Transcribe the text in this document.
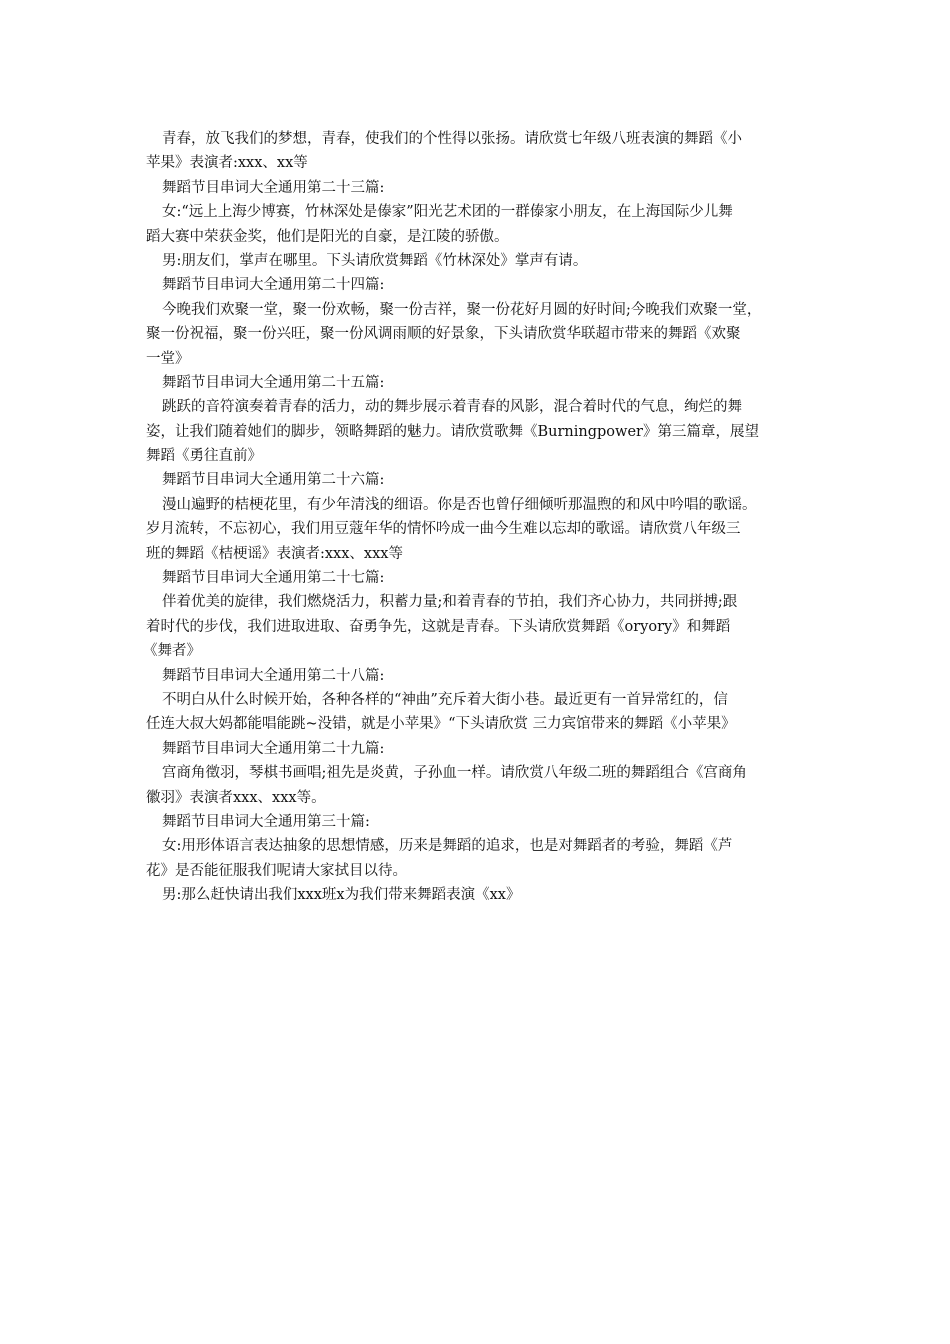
青春，放飞我们的梦想，青春，使我们的个性得以张扬。请欣赏七年级八班表演的舞蹈《小
苹果》表演者:xxx、xx等
舞蹈节目串词大全通用第二十三篇:
女:“远上上海少博赛，竹林深处是傣家”阳光艺术团的一群傣家小朋友，在上海国际少儿舞
蹈大赛中荣获金奖，他们是阳光的自豪，是江陵的骄傲。
男:朋友们，掌声在哪里。下头请欣赏舞蹈《竹林深处》掌声有请。
舞蹈节目串词大全通用第二十四篇:
今晚我们欢聚一堂，聚一份欢畅，聚一份吉祥，聚一份花好月圆的好时间;今晚我们欢聚一堂，
聚一份祝福，聚一份兴旺，聚一份风调雨顺的好景象，下头请欣赏华联超市带来的舞蹈《欢聚
一堂》
舞蹈节目串词大全通用第二十五篇:
跳跃的音符演奏着青春的活力，动的舞步展示着青春的风影，混合着时代的气息，绚烂的舞
姿，让我们随着她们的脚步，领略舞蹈的魅力。请欣赏歌舞《Burningpower》第三篇章，展望
舞蹈《勇往直前》
舞蹈节目串词大全通用第二十六篇:
漫山遍野的桔梗花里，有少年清浅的细语。你是否也曾仔细倾听那温煦的和风中吟唱的歌谣。
岁月流转，不忘初心，我们用豆蔻年华的情怀吟成一曲今生难以忘却的歌谣。请欣赏八年级三
班的舞蹈《桔梗谣》表演者:xxx、xxx等
舞蹈节目串词大全通用第二十七篇:
伴着优美的旋律，我们燃烧活力，积蓄力量;和着青春的节拍，我们齐心协力，共同拼搏;跟
着时代的步伐，我们进取进取、奋勇争先，这就是青春。下头请欣赏舞蹈《oryory》和舞蹈
《舞者》
舞蹈节目串词大全通用第二十八篇:
不明白从什么时候开始，各种各样的“神曲”充斥着大街小巷。最近更有一首异常红的，信
任连大叔大妈都能唱能跳~没错，就是小苹果》“下头请欣赏 三力宾馆带来的舞蹈《小苹果》
舞蹈节目串词大全通用第二十九篇:
宫商角徵羽，琴棋书画唱;祖先是炎黄，子孙血一样。请欣赏八年级二班的舞蹈组合《宫商角
徽羽》表演者xxx、xxx等。
舞蹈节目串词大全通用第三十篇:
女:用形体语言表达抽象的思想情感，历来是舞蹈的追求，也是对舞蹈者的考验，舞蹈《芦
花》是否能征服我们呢请大家拭目以待。
男:那么赶快请出我们xxx班x为我们带来舞蹈表演《xx》
